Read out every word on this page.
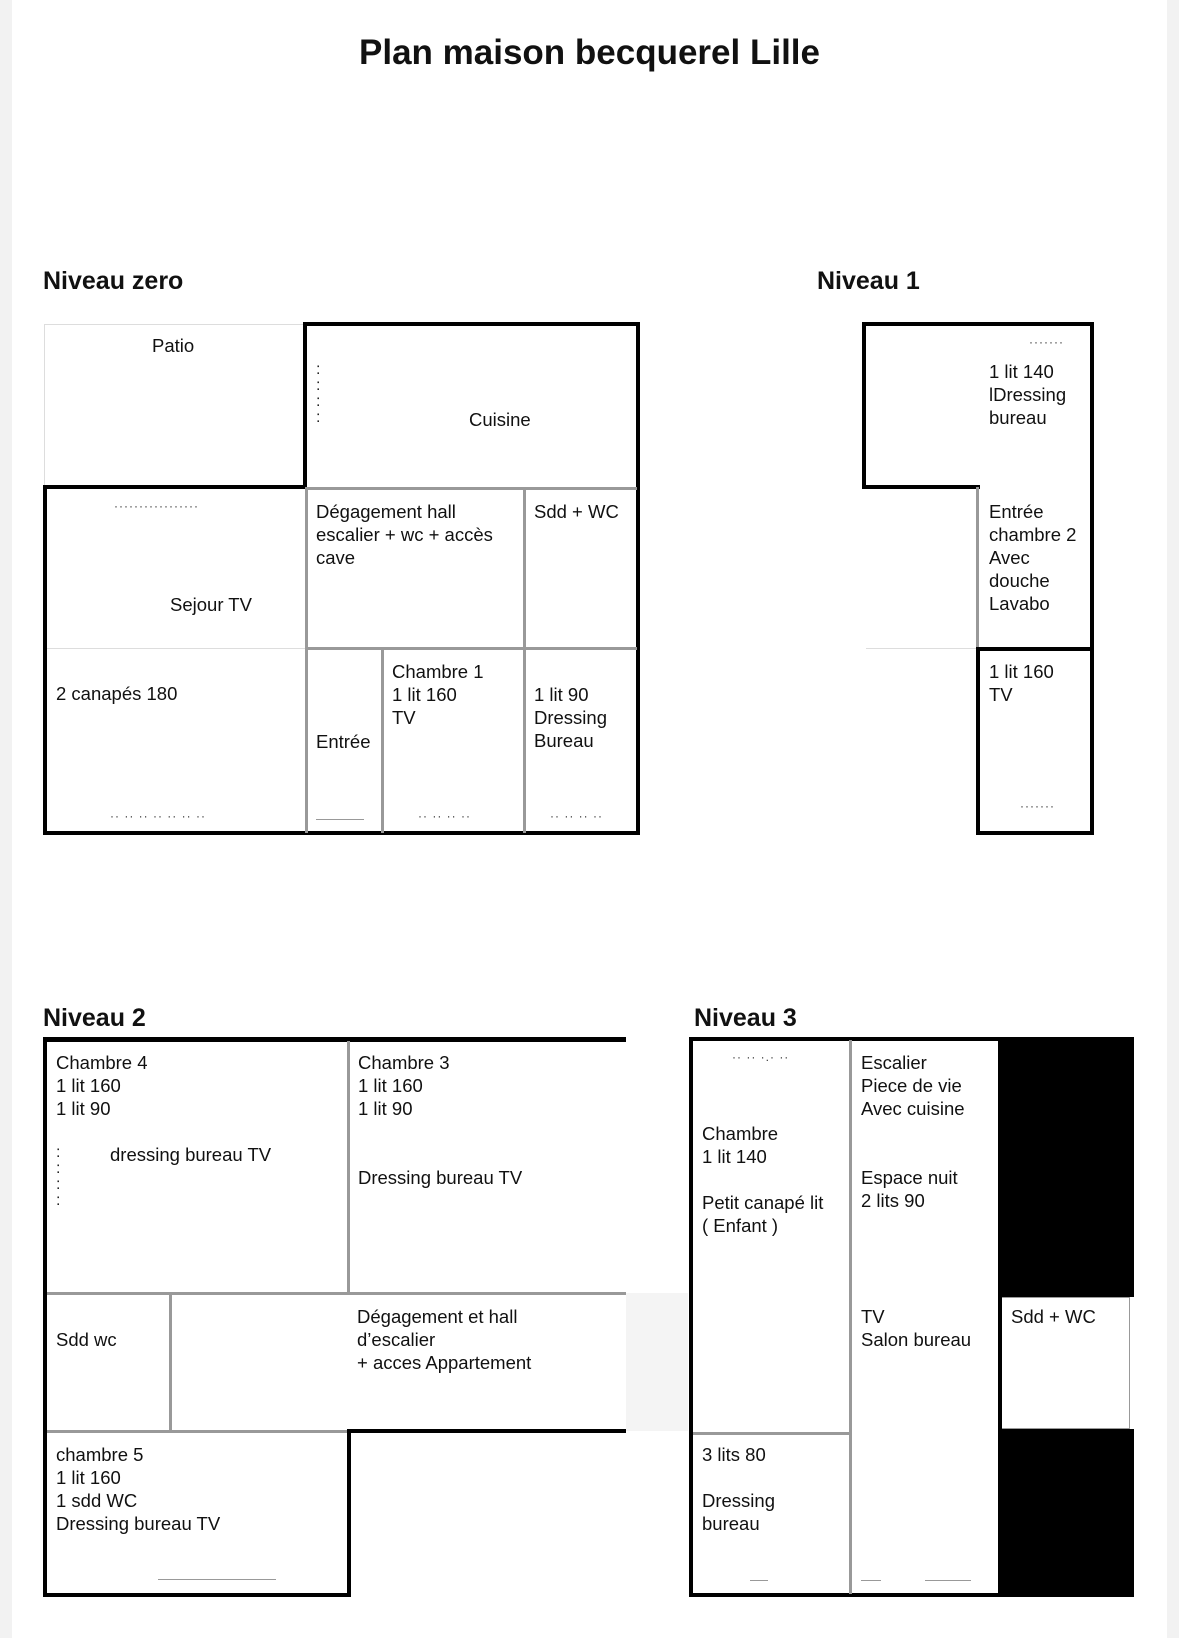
Plan maison becquerel Lille
Niveau zero
Patio
:
:
:
:	Cuisine
·················	Dégagement hall
escalier + wc + accès
cave
Sdd + WC
Sejour TV
2 canapés 180
Entrée
Chambre 1
1 lit 160
TV
1 lit 90
Dressing
Bureau
·· ·· ·· ·· ·· ·· ··	·· ·· ·· ··	·· ·· ·· ··
Niveau 1
·······
1 lit 140
lDressing
bureau
Entrée
chambre 2
Avec
douche
Lavabo
1 lit 160
TV
·······
Niveau 2
Chambre 4
1 lit 160
1 lit 90
:
:
:
:
dressing bureau TV
Chambre 3
1 lit 160
1 lit 90
Dressing bureau TV
Sdd wc
Dégagement et hall
d’escalier
+ acces Appartement
chambre 5
1 lit 160
1 sdd WC
Dressing bureau TV
Niveau 3
·· ·· ·.· ··
Chambre
1 lit 140

Petit canapé lit
( Enfant )
Escalier
Piece de vie
Avec cuisine
Espace nuit
2 lits 90
TV
Salon bureau
Sdd + WC
3 lits 80

Dressing
bureau
